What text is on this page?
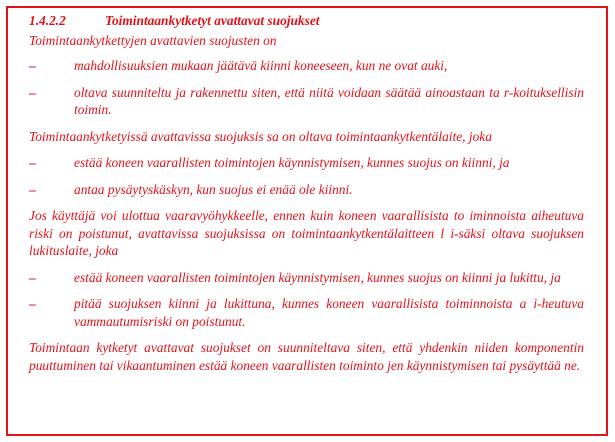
1.4.2.2	Toimintaankytketyt avattavat suojukset

Toimintaankytkettyjen avattavien suojusten on

–	mahdollisuuksien mukaan jäätävä kiinni koneeseen, kun ne ovat auki,
–	oltava suunniteltu ja rakennettu siten, että niitä voidaan säätää ainoastaan ta r-koituksellisin toimin.

Toimintaankytketyissä avattavissa suojuksis sa on oltava toimintaankytkentälaite, joka

–	estää koneen vaarallisten toimintojen käynnistymisen, kunnes suojus on kiinni, ja
–	antaa pysäytyskäskyn, kun suojus ei enää ole kiinni.

Jos käyttäjä voi ulottua vaaravyöhykkeelle, ennen kuin koneen vaarallisista to iminnoista aiheutuva riski on poistunut, avattavissa suojuksissa on toimintaankytkentälaitteen l i-säksi oltava suojuksen lukituslaite, joka

–	estää koneen vaarallisten toimintojen käynnistymisen, kunnes suojus on kiinni ja lukittu, ja
–	pitää suojuksen kiinni ja lukittuna, kunnes koneen vaarallisista toiminnoista a i-heutuva vammautumisriski on poistunut.

Toimintaan kytketyt avattavat suojukset on suunniteltava siten, että yhdenkin niiden komponentin puuttuminen tai vikaantuminen estää koneen vaarallisten toiminto jen käynnistymisen tai pysäyttää ne.
